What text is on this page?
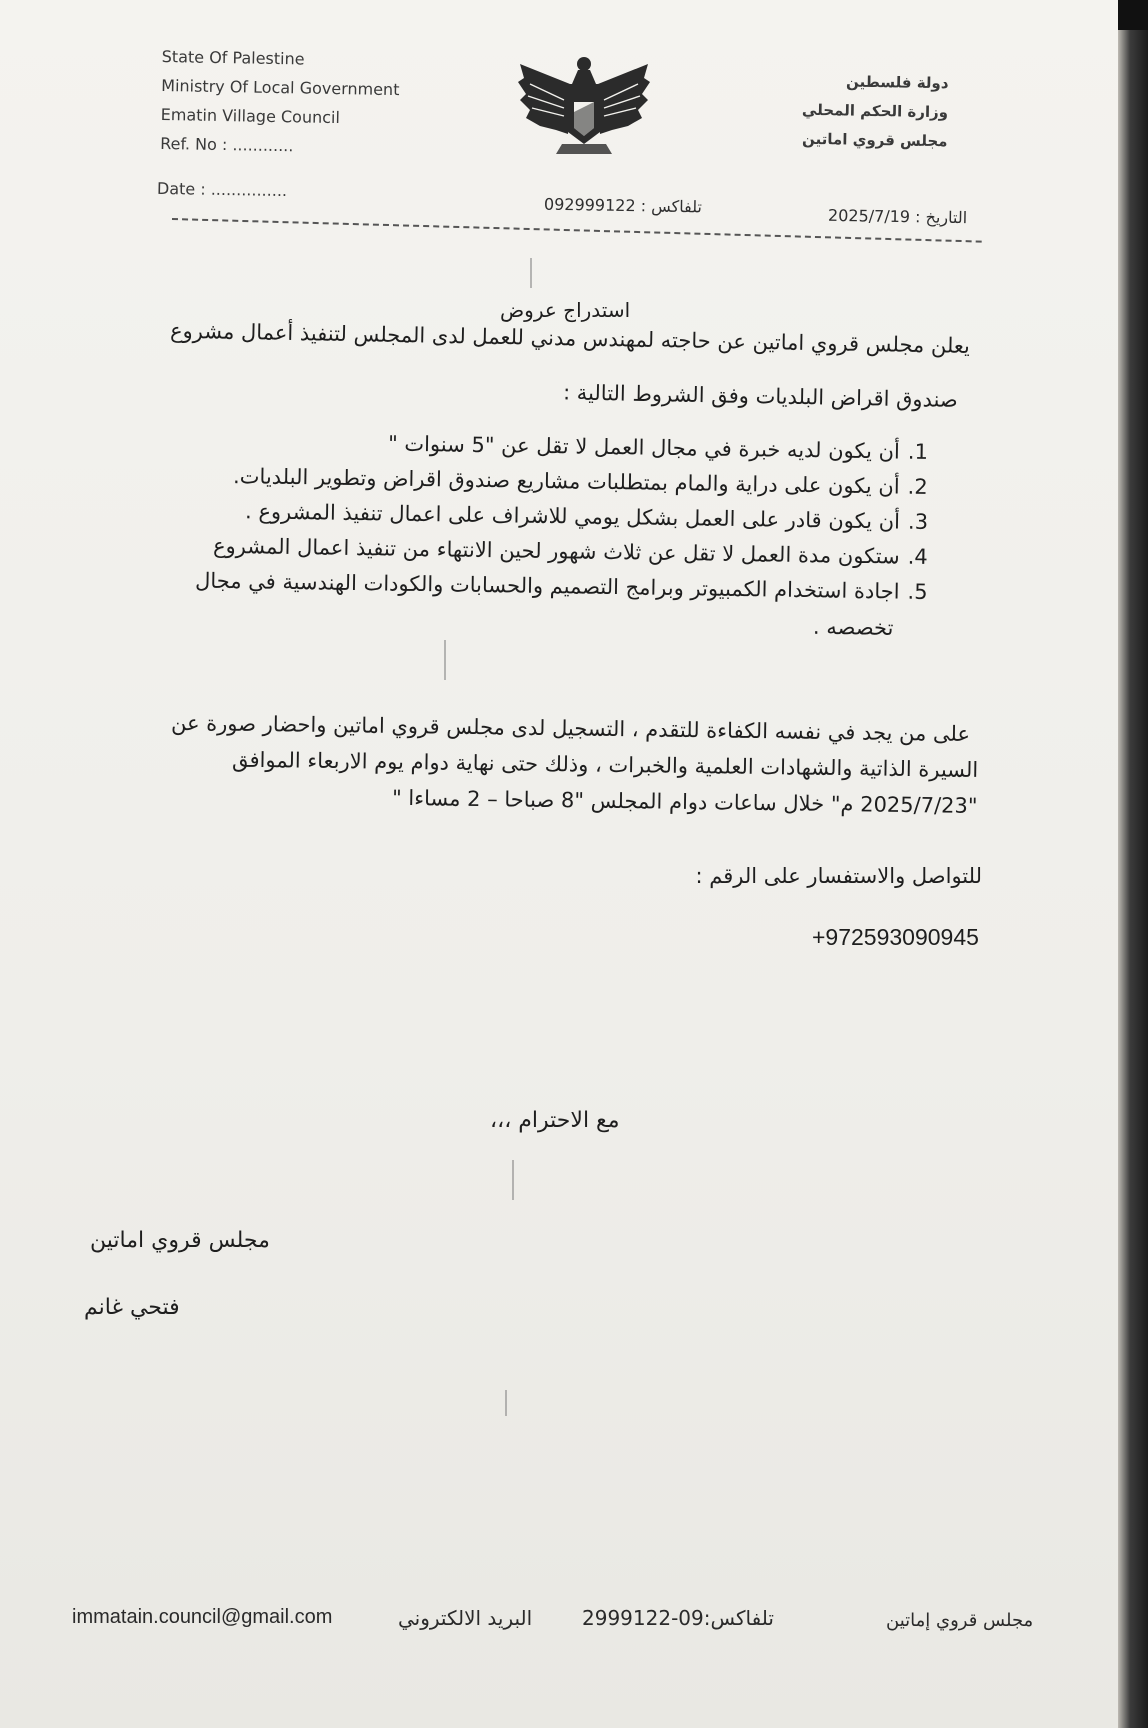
State Of Palestine
Ministry Of Local Government
Ematin Village Council
Ref. No : ............
دولة فلسطين
وزارة الحكم المحلي
مجلس قروي اماتين
Date : ...............
تلفاكس : 092999122	التاريخ : 2025/7/19
استدراج عروض
يعلن مجلس قروي اماتين عن حاجته لمهندس مدني للعمل لدى المجلس لتنفيذ أعمال مشروع
صندوق اقراض البلديات وفق الشروط التالية :
1.أن يكون لديه خبرة في مجال العمل لا تقل عن "5 سنوات "
2.أن يكون على دراية والمام بمتطلبات مشاريع صندوق اقراض وتطوير البلديات.
3.أن يكون قادر على العمل بشكل يومي للاشراف على اعمال تنفيذ المشروع .
4.ستكون مدة العمل لا تقل عن ثلاث شهور لحين الانتهاء من تنفيذ اعمال المشروع
5.اجادة استخدام الكمبيوتر وبرامج التصميم والحسابات والكودات الهندسية في مجال
تخصصه .
على من يجد في نفسه الكفاءة للتقدم ، التسجيل لدى مجلس قروي اماتين واحضار صورة عن
السيرة الذاتية والشهادات العلمية والخبرات ، وذلك حتى نهاية دوام يوم الاربعاء الموافق
"2025/7/23 م" خلال ساعات دوام المجلس "8 صباحا – 2 مساءا "
للتواصل والاستفسار على الرقم :
+972593090945
مع الاحترام ،،،
مجلس قروي اماتين
فتحي غانم
immatain.council@gmail.com	البريد الالكتروني تلفاكس:09-2999122	مجلس قروي إماتين
